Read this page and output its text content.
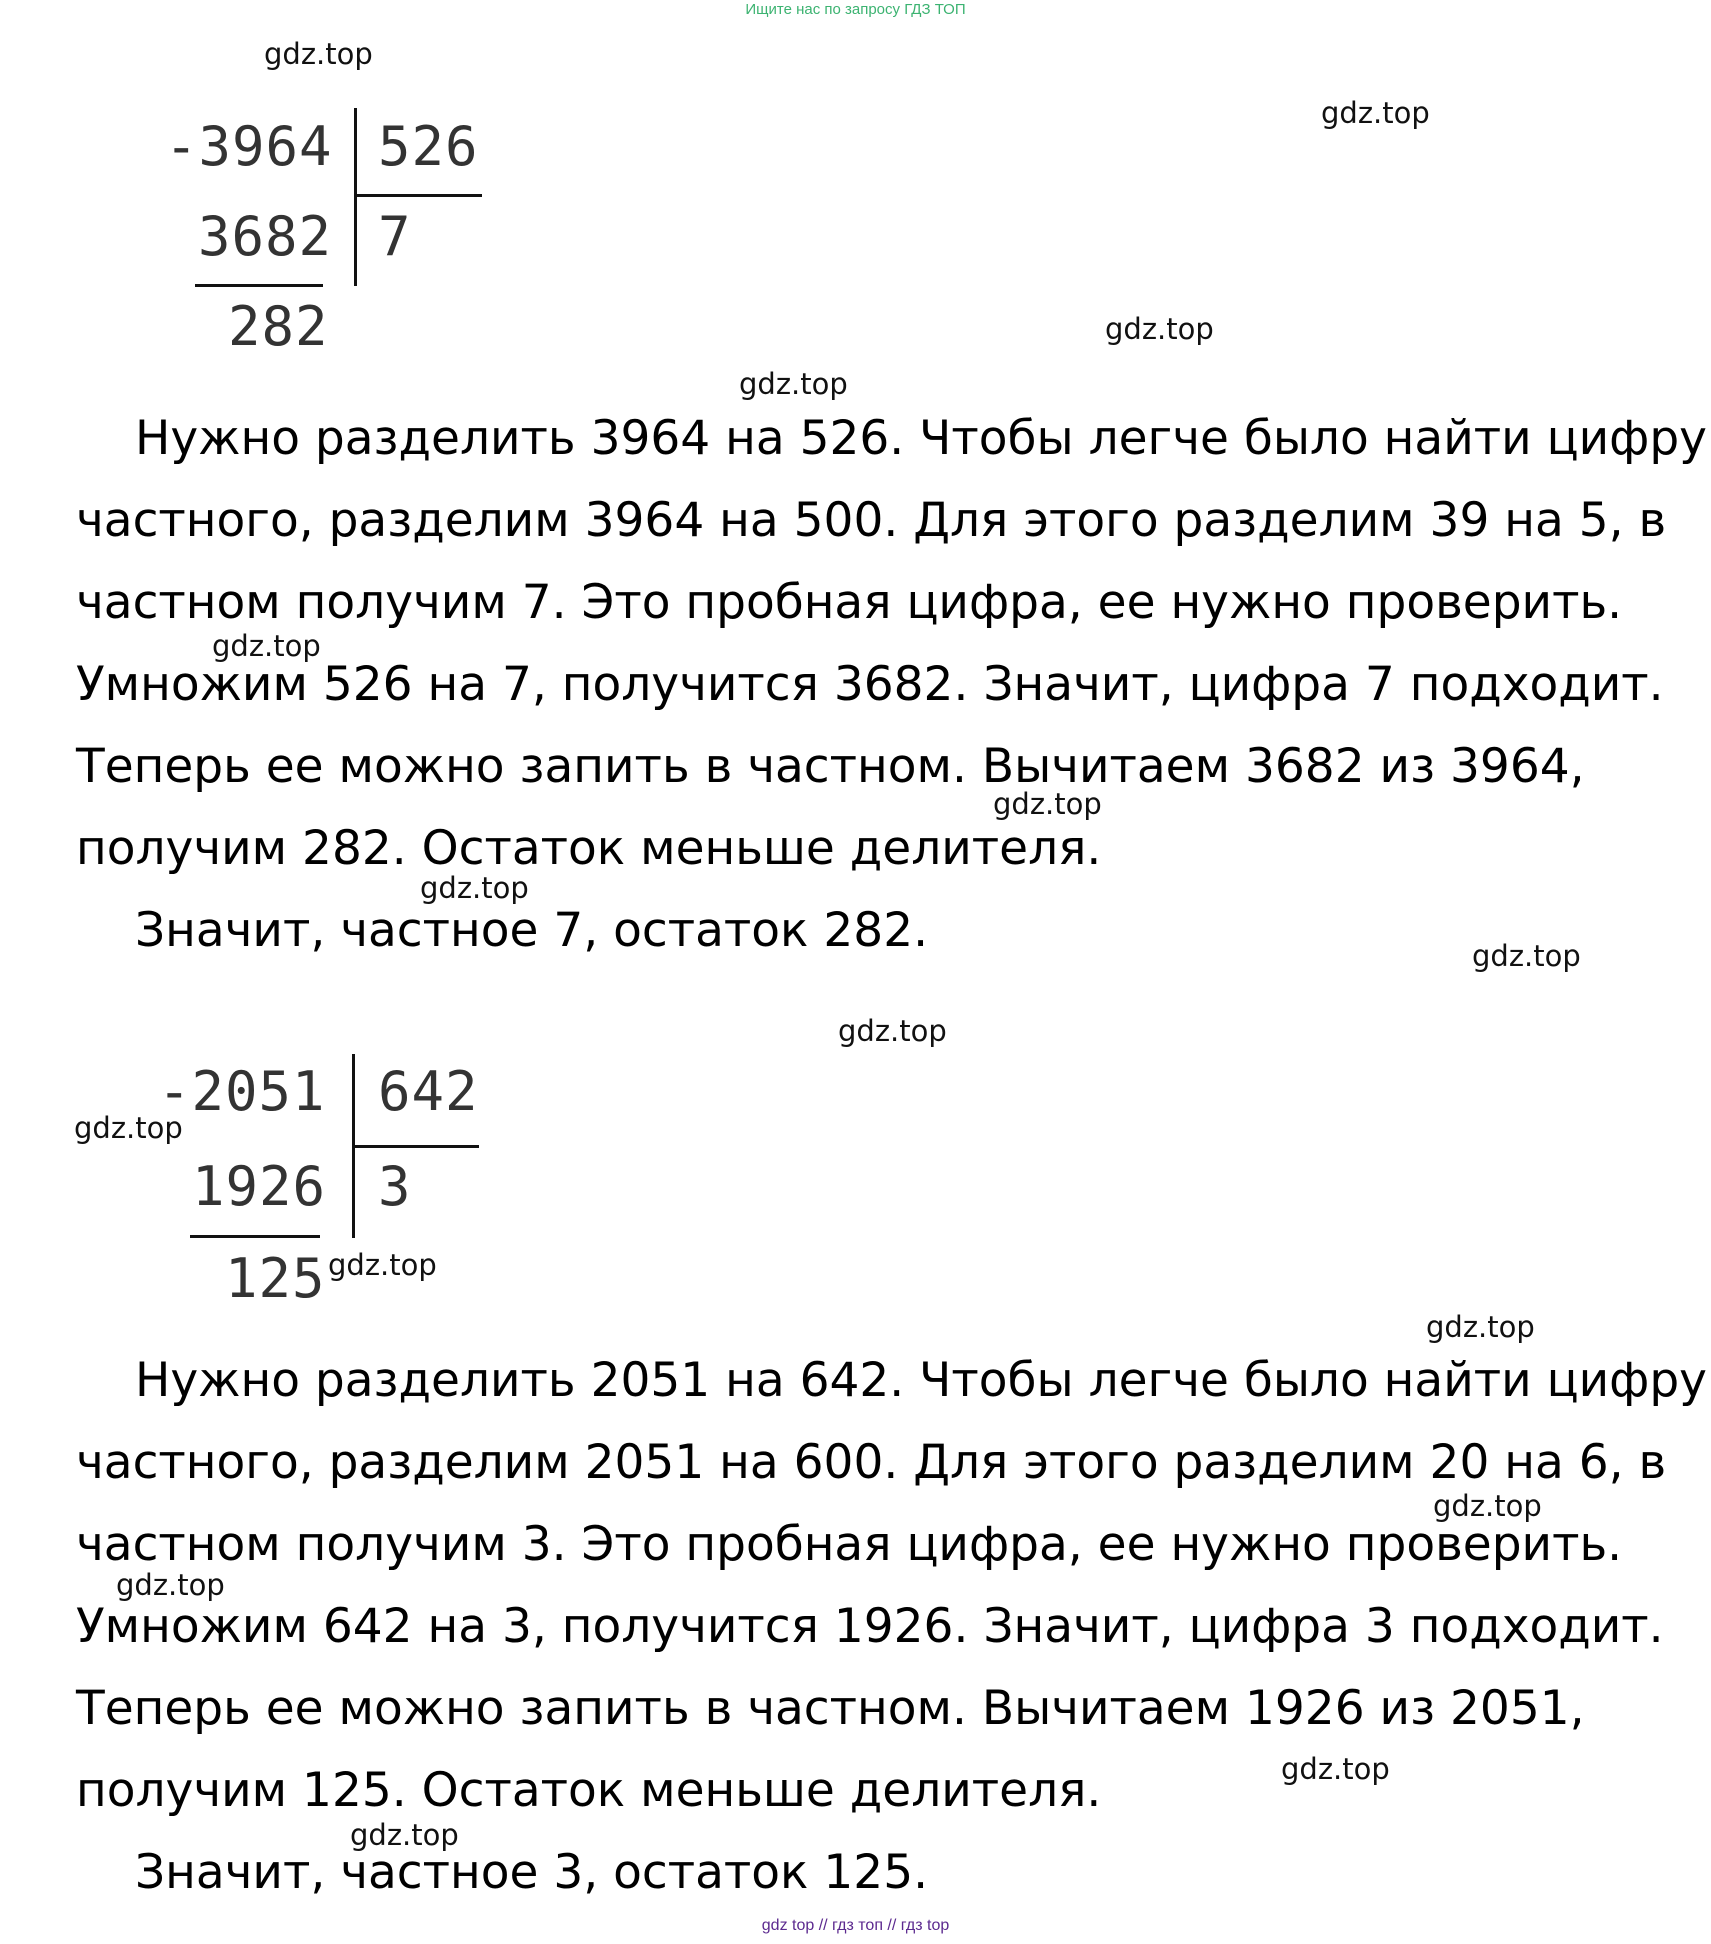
Ищите нас по запросу ГДЗ ТОП
gdz.top
gdz.top
gdz.top
gdz.top
gdz.top
gdz.top
gdz.top
gdz.top
gdz.top
gdz.top
gdz.top
gdz.top
gdz.top
gdz.top
gdz.top
gdz.top
-3964 526
3682 7
282
Нужно разделить 3964 на 526. Чтобы легче было найти цифру
частного, разделим 3964 на 500. Для этого разделим 39 на 5, в
частном получим 7. Это пробная цифра, ее нужно проверить.
Умножим 526 на 7, получится 3682. Значит, цифра 7 подходит.
Теперь ее можно запить в частном. Вычитаем 3682 из 3964,
получим 282. Остаток меньше делителя.
Значит, частное 7, остаток 282.
-2051 642
1926 3
125
Нужно разделить 2051 на 642. Чтобы легче было найти цифру
частного, разделим 2051 на 600. Для этого разделим 20 на 6, в
частном получим 3. Это пробная цифра, ее нужно проверить.
Умножим 642 на 3, получится 1926. Значит, цифра 3 подходит.
Теперь ее можно запить в частном. Вычитаем 1926 из 2051,
получим 125. Остаток меньше делителя.
Значит, частное 3, остаток 125.
gdz top // гдз топ // гдз top
